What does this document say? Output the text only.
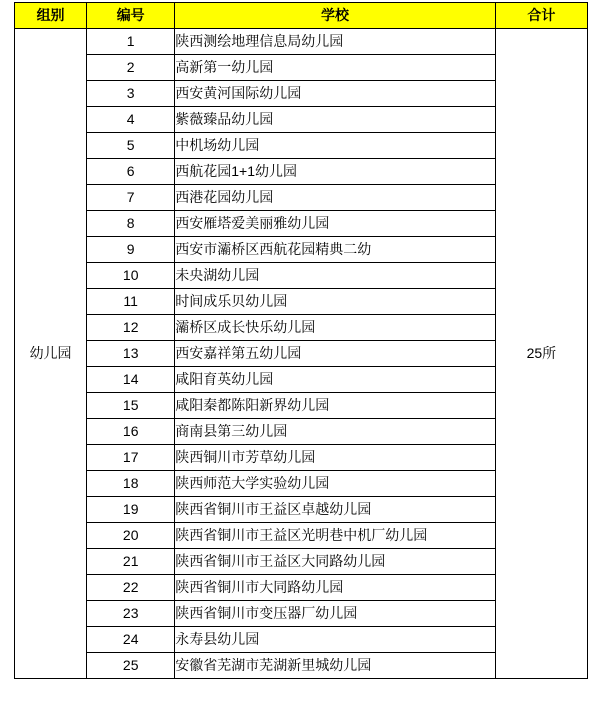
组别	编号	学校	合计
幼儿园	1	陕西测绘地理信息局幼儿园	25所
	2	高新第一幼儿园	
	3	西安黄河国际幼儿园	
	4	紫薇臻品幼儿园	
	5	中机场幼儿园	
	6	西航花园1+1幼儿园	
	7	西港花园幼儿园	
	8	西安雁塔爱美丽雅幼儿园	
	9	西安市灞桥区西航花园精典二幼	
	10	未央湖幼儿园	
	11	时间成乐贝幼儿园	
	12	灞桥区成长快乐幼儿园	
	13	西安嘉祥第五幼儿园	
	14	咸阳育英幼儿园	
	15	咸阳秦都陈阳新界幼儿园	
	16	商南县第三幼儿园	
	17	陕西铜川市芳草幼儿园	
	18	陕西师范大学实验幼儿园	
	19	陕西省铜川市王益区卓越幼儿园	
	20	陕西省铜川市王益区光明巷中机厂幼儿园	
	21	陕西省铜川市王益区大同路幼儿园	
	22	陕西省铜川市大同路幼儿园	
	23	陕西省铜川市变压器厂幼儿园	
	24	永寿县幼儿园	
	25	安徽省芜湖市芜湖新里城幼儿园	
